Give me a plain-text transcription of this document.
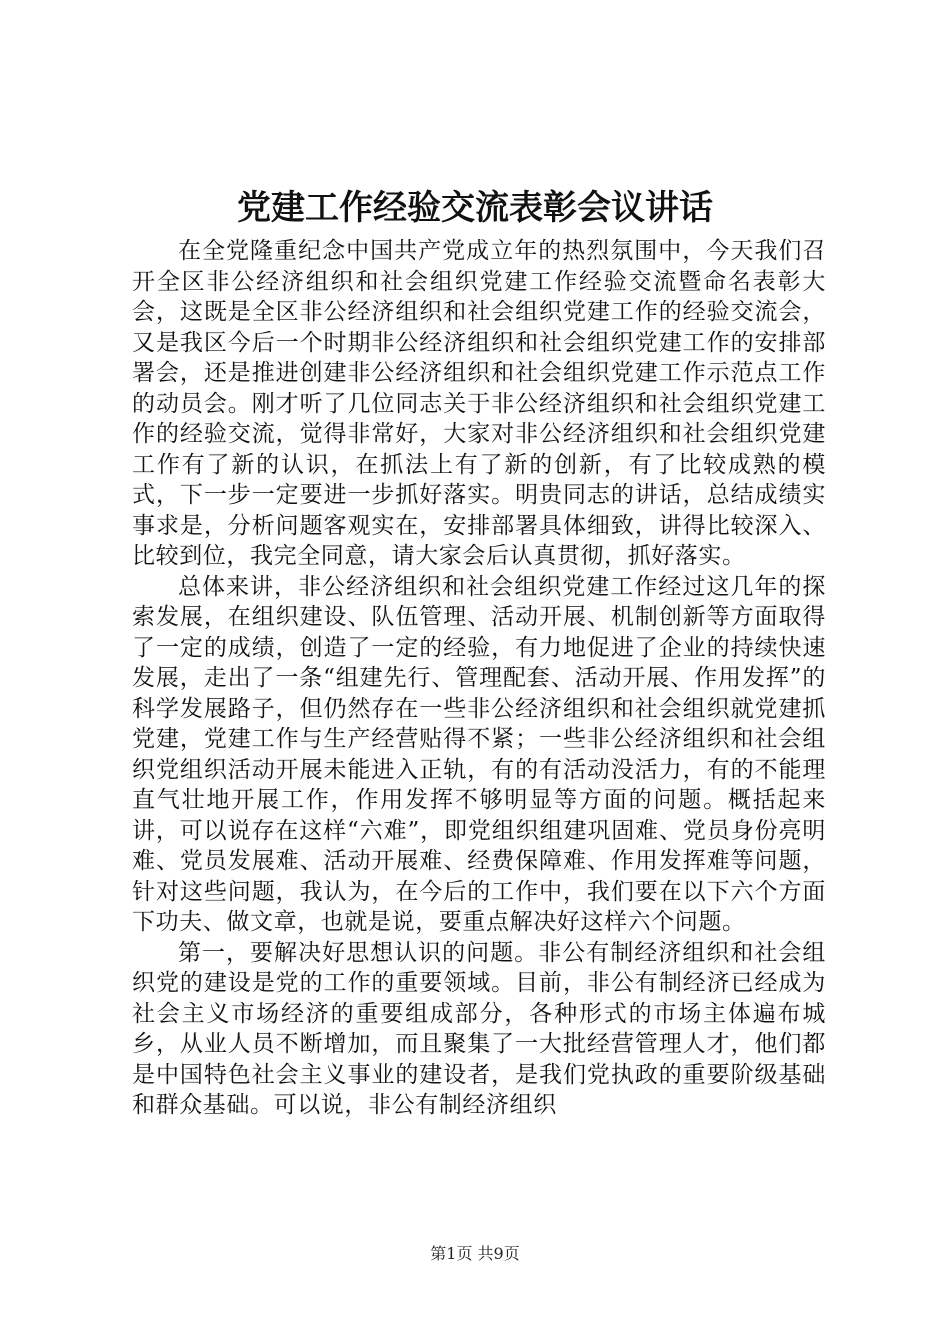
党建工作经验交流表彰会议讲话

在全党隆重纪念中国共产党成立年的热烈氛围中，今天我们召开全区非公经济组织和社会组织党建工作经验交流暨命名表彰大会，这既是全区非公经济组织和社会组织党建工作的经验交流会，又是我区今后一个时期非公经济组织和社会组织党建工作的安排部署会，还是推进创建非公经济组织和社会组织党建工作示范点工作的动员会。刚才听了几位同志关于非公经济组织和社会组织党建工作的经验交流，觉得非常好，大家对非公经济组织和社会组织党建工作有了新的认识，在抓法上有了新的创新，有了比较成熟的模式，下一步一定要进一步抓好落实。明贵同志的讲话，总结成绩实事求是，分析问题客观实在，安排部署具体细致，讲得比较深入、比较到位，我完全同意，请大家会后认真贯彻，抓好落实。

总体来讲，非公经济组织和社会组织党建工作经过这几年的探索发展，在组织建设、队伍管理、活动开展、机制创新等方面取得了一定的成绩，创造了一定的经验，有力地促进了企业的持续快速发展，走出了一条“组建先行、管理配套、活动开展、作用发挥”的科学发展路子，但仍然存在一些非公经济组织和社会组织就党建抓党建，党建工作与生产经营贴得不紧；一些非公经济组织和社会组织党组织活动开展未能进入正轨，有的有活动没活力，有的不能理直气壮地开展工作，作用发挥不够明显等方面的问题。概括起来讲，可以说存在这样“六难”，即党组织组建巩固难、党员身份亮明难、党员发展难、活动开展难、经费保障难、作用发挥难等问题，针对这些问题，我认为，在今后的工作中，我们要在以下六个方面下功夫、做文章，也就是说，要重点解决好这样六个问题。

第一，要解决好思想认识的问题。非公有制经济组织和社会组织党的建设是党的工作的重要领域。目前，非公有制经济已经成为社会主义市场经济的重要组成部分，各种形式的市场主体遍布城乡，从业人员不断增加，而且聚集了一大批经营管理人才，他们都是中国特色社会主义事业的建设者，是我们党执政的重要阶级基础和群众基础。可以说，非公有制经济组织

第1页 共9页
